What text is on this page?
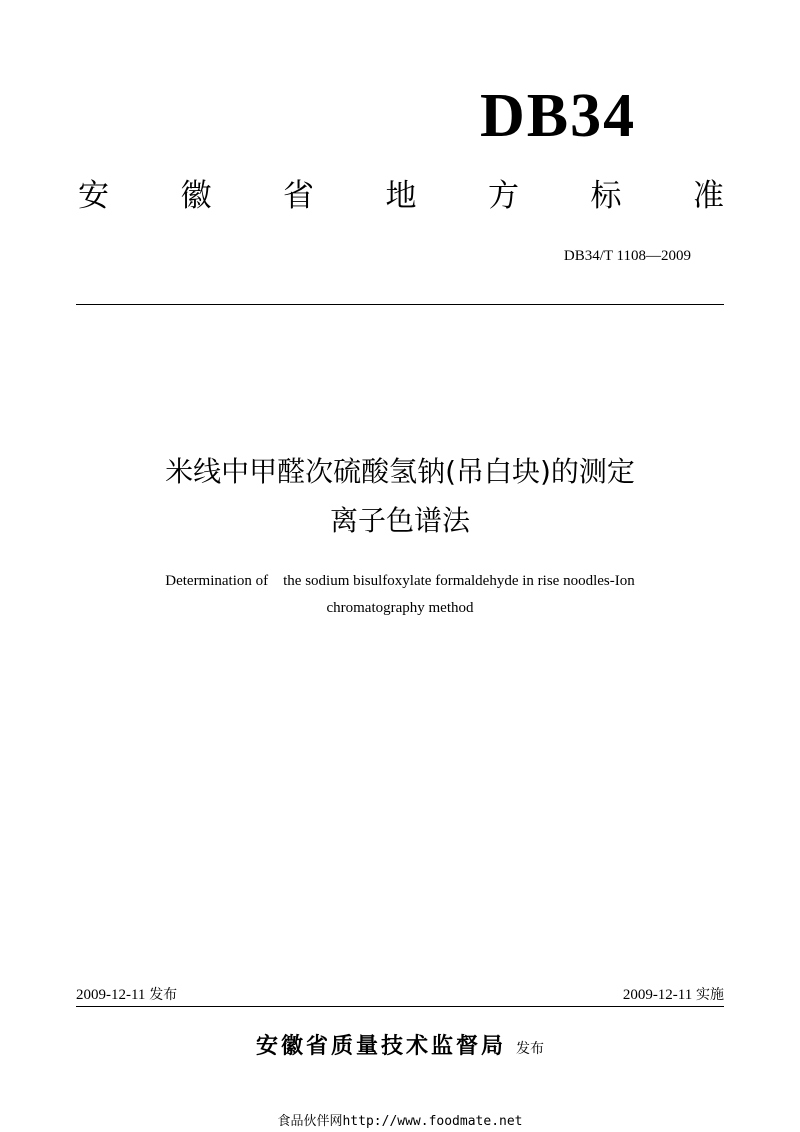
DB34
安 徽 省 地 方 标 准
DB34/T 1108—2009
米线中甲醛次硫酸氢钠(吊白块)的测定
离子色谱法
Determination of    the sodium bisulfoxylate formaldehyde in rise noodles-Ion
chromatography method
2009-12-11 发布	2009-12-11 实施
安徽省质量技术监督局 发布
食品伙伴网http://www.foodmate.net
